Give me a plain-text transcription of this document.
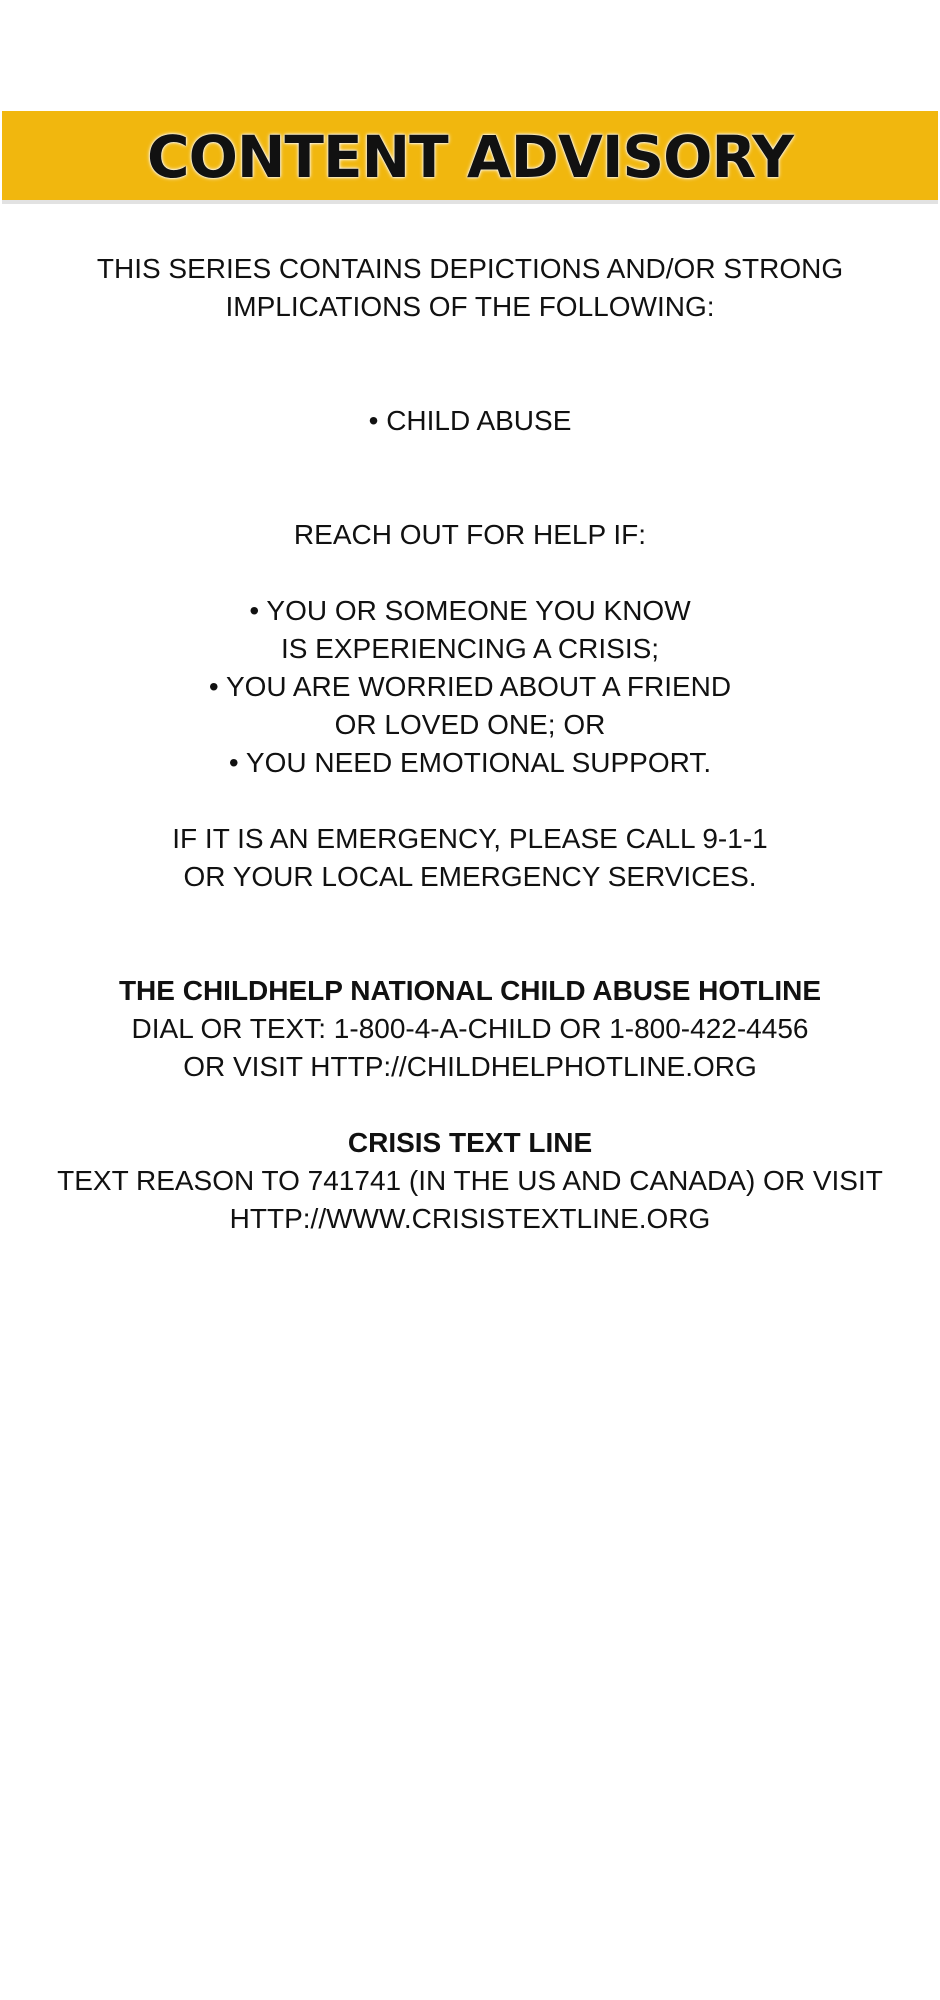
CONTENT ADVISORY

THIS SERIES CONTAINS DEPICTIONS AND/OR STRONG

IMPLICATIONS OF THE FOLLOWING:

• CHILD ABUSE

REACH OUT FOR HELP IF:

• YOU OR SOMEONE YOU KNOW

IS EXPERIENCING A CRISIS;

• YOU ARE WORRIED ABOUT A FRIEND

OR LOVED ONE; OR

• YOU NEED EMOTIONAL SUPPORT.

IF IT IS AN EMERGENCY, PLEASE CALL 9-1-1

OR YOUR LOCAL EMERGENCY SERVICES.

THE CHILDHELP NATIONAL CHILD ABUSE HOTLINE

DIAL OR TEXT: 1-800-4-A-CHILD OR 1-800-422-4456

OR VISIT HTTP://CHILDHELPHOTLINE.ORG

CRISIS TEXT LINE

TEXT REASON TO 741741 (IN THE US AND CANADA) OR VISIT

HTTP://WWW.CRISISTEXTLINE.ORG
